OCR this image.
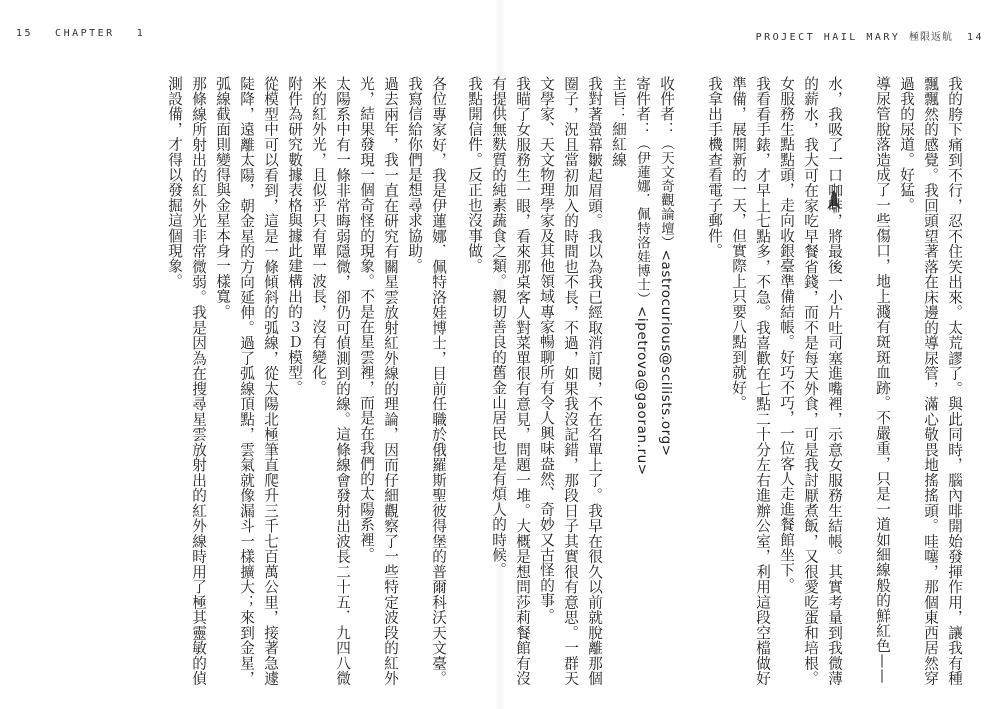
15 CHAPTER 1	PROJECT HAIL MARY 極限返航 14

我的胯下痛到不行，忍不住笑出來。太荒謬了。與此同時，腦內啡開始發揮作用，讓我有種飄飄然的感覺。我回頭望著落在床邊的導尿管，滿心敬畏地搖搖頭。哇噻，那個東西居然穿過我的尿道。好猛。

導尿管脫落造成了一些傷口，地上濺有斑斑血跡。不嚴重，只是一道如細線般的鮮紅色——

水，我吸了一口咖啡，將最後一小片吐司塞進嘴裡，示意女服務生結帳。其實考量到我微薄的薪水，我大可在家吃早餐省錢，而不是每天外食，可是我討厭煮飯，又很愛吃蛋和培根。女服務生點點頭，走向收銀臺準備結帳。好巧不巧，一位客人走進餐館坐下。

我看看手錶，才早上七點多，不急。我喜歡在七點二十分左右進辦公室，利用這段空檔做好準備，展開新的一天，但實際上只要八點到就好。

我拿出手機查看電子郵件。

收件者：（天文奇觀論壇）<astrocurious@scilists.org>

寄件者：（伊蓮娜．佩特洛娃博士）<ipetrova@gaoran.ru>

主旨：細紅線

我對著螢幕皺起眉頭。我以為我已經取消訂閱，不在名單上了。我早在很久以前就脫離那個圈子，況且當初加入的時間也不長，不過，如果我沒記錯，那段日子其實很有意思。一群天文學家、天文物理學家及其他領域專家暢聊所有令人興味盎然、奇妙又古怪的事。

我瞄了女服務生一眼，看來那桌客人對菜單很有意見，問題一堆。大概是想問莎莉餐館有沒有提供無麩質的純素蔬食之類。親切善良的舊金山居民也是有煩人的時候。

我點開信件。反正也沒事做。

各位專家好，我是伊蓮娜．佩特洛娃博士，目前任職於俄羅斯聖彼得堡的普爾科沃天文臺。我寫信給你們是想尋求協助。

過去兩年，我一直在研究有關星雲放射紅外線的理論，因而仔細觀察了一些特定波段的紅外光，結果發現一個奇怪的現象。不是在星雲裡，而是在我們的太陽系裡。

太陽系中有一條非常晦弱隱微，卻仍可偵測到的線。這條線會發射出波長二十五．九四八微米的紅外光，且似乎只有單一波長，沒有變化。

附件為研究數據表格與據此建構出的３Ｄ模型。

從模型中可以看到，這是一條傾斜的弧線，從太陽北極筆直爬升三千七百萬公里，接著急遽陡降，遠離太陽，朝金星的方向延伸。過了弧線頂點，雲氣就像漏斗一樣擴大；來到金星，弧線截面則變得與金星本身一樣寬。

那條線所射出的紅外光非常微弱。我是因為在搜尋星雲放射出的紅外線時用了極其靈敏的偵測設備，才得以發掘這個現象。
